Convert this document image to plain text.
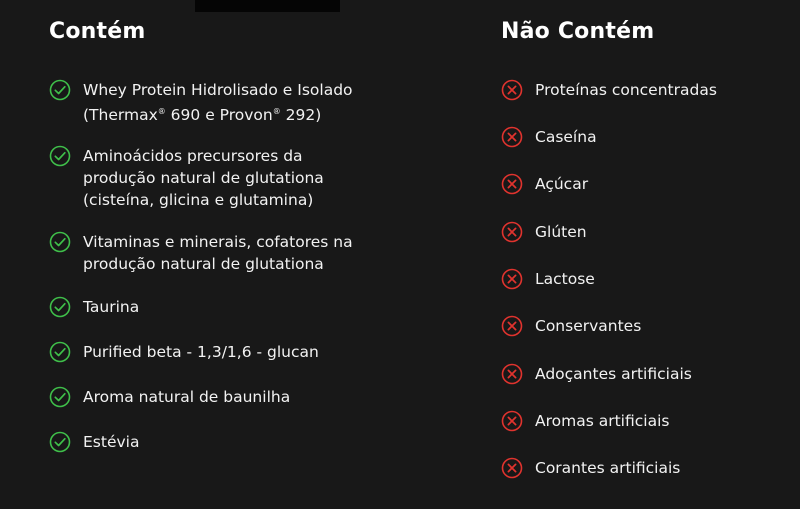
Contém
Whey Protein Hidrolisado e Isolado
(Thermax® 690 e Provon® 292)
Aminoácidos precursores da
produção natural de glutationa
(cisteína, glicina e glutamina)
Vitaminas e minerais, cofatores na
produção natural de glutationa
Taurina
Purified beta - 1,3/1,6 - glucan
Aroma natural de baunilha
Estévia
Não Contém
Proteínas concentradas
Caseína
Açúcar
Glúten
Lactose
Conservantes
Adoçantes artificiais
Aromas artificiais
Corantes artificiais
